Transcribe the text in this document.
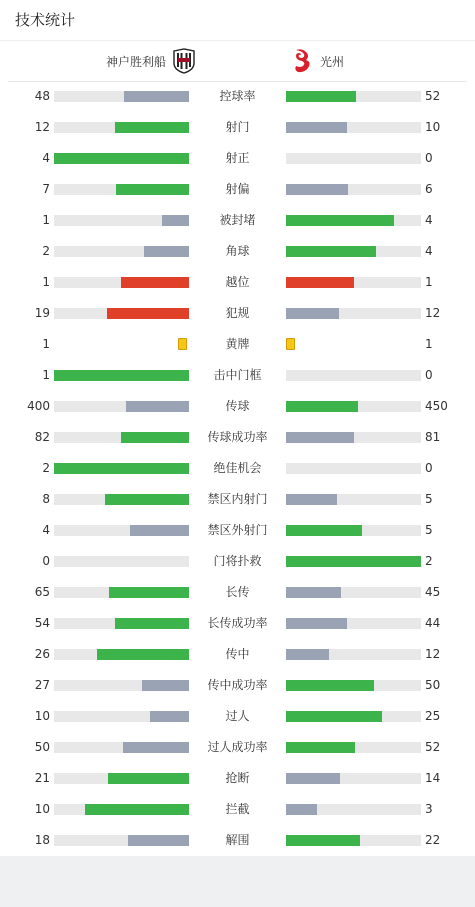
技术统计
神户胜利船	光州
48	控球率	52
12	射门	10
4	射正	0
7	射偏	6
1	被封堵	4
2	角球	4
1	越位	1
19	犯规	12
1	黄牌	1
1	击中门框	0
400	传球	450
82	传球成功率	81
2	绝佳机会	0
8	禁区内射门	5
4	禁区外射门	5
0	门将扑救	2
65	长传	45
54	长传成功率	44
26	传中	12
27	传中成功率	50
10	过人	25
50	过人成功率	52
21	抢断	14
10	拦截	3
18	解围	22
